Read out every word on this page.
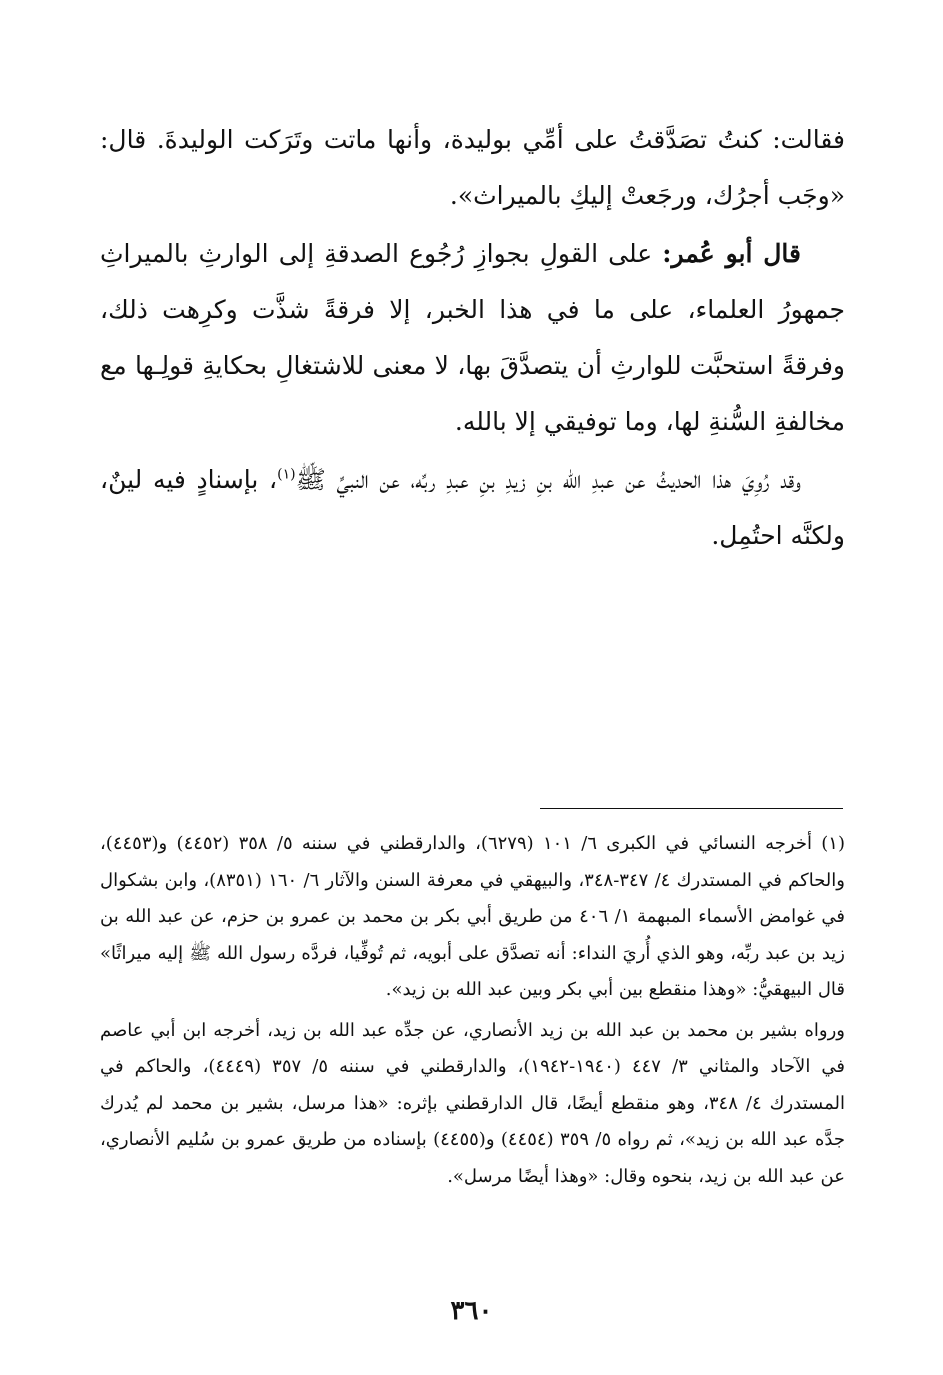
فقالت: كنتُ تصَدَّقتُ على أمِّي بوليدة، وأنها ماتت وتَرَكت الوليدةَ. قال: «وجَب أجرُك، ورجَعتْ إليكِ بالميراث».

قال أبو عُمر: على القولِ بجوازِ رُجُوع الصدقةِ إلى الوارثِ بالميراثِ جمهورُ العلماء، على ما في هذا الخبر، إلا فرقةً شذَّت وكرِهت ذلك، وفرقةً استحبَّت للوارثِ أن يتصدَّقَ بها، لا معنى للاشتغالِ بحكايةِ قولِـها مع مخالفةِ السُّنةِ لها، وما توفيقي إلا بالله.

وقد رُوِيَ هذا الحديثُ عن عبدِ الله بنِ زيدِ بنِ عبدِ ربِّه، عن النبيِّ ﷺ$^{(١)}$، بإسنادٍ فيه لينٌ، ولكنَّه احتُمِل.

(١) أخرجه النسائي في الكبرى ٦/ ١٠١ (٦٢٧٩)، والدارقطني في سننه ٥/ ٣٥٨ (٤٤٥٢) و(٤٤٥٣)، والحاكم في المستدرك ٤/ ٣٤٧-٣٤٨، والبيهقي في معرفة السنن والآثار ٦/ ١٦٠ (٨٣٥١)، وابن بشكوال في غوامض الأسماء المبهمة ١/ ٤٠٦ من طريق أبي بكر بن محمد بن عمرو بن حزم، عن عبد الله بن زيد بن عبد ربِّه، وهو الذي أُريَ النداء: أنه تصدَّق على أبويه، ثم تُوفِّيا، فردَّه رسول الله ﷺ إليه ميراثًا» قال البيهقيُّ: «وهذا منقطع بين أبي بكر وبين عبد الله بن زيد».

ورواه بشير بن محمد بن عبد الله بن زيد الأنصاري، عن جدِّه عبد الله بن زيد، أخرجه ابن أبي عاصم في الآحاد والمثاني ٣/ ٤٤٧ (١٩٤٠-١٩٤٢)، والدارقطني في سننه ٥/ ٣٥٧ (٤٤٤٩)، والحاكم في المستدرك ٤/ ٣٤٨، وهو منقطع أيضًا، قال الدارقطني بإثره: «هذا مرسل، بشير بن محمد لم يُدرك جدَّه عبد الله بن زيد»، ثم رواه ٥/ ٣٥٩ (٤٤٥٤) و(٤٤٥٥) بإسناده من طريق عمرو بن سُليم الأنصاري، عن عبد الله بن زيد، بنحوه وقال: «وهذا أيضًا مرسل».

٣٦٠
